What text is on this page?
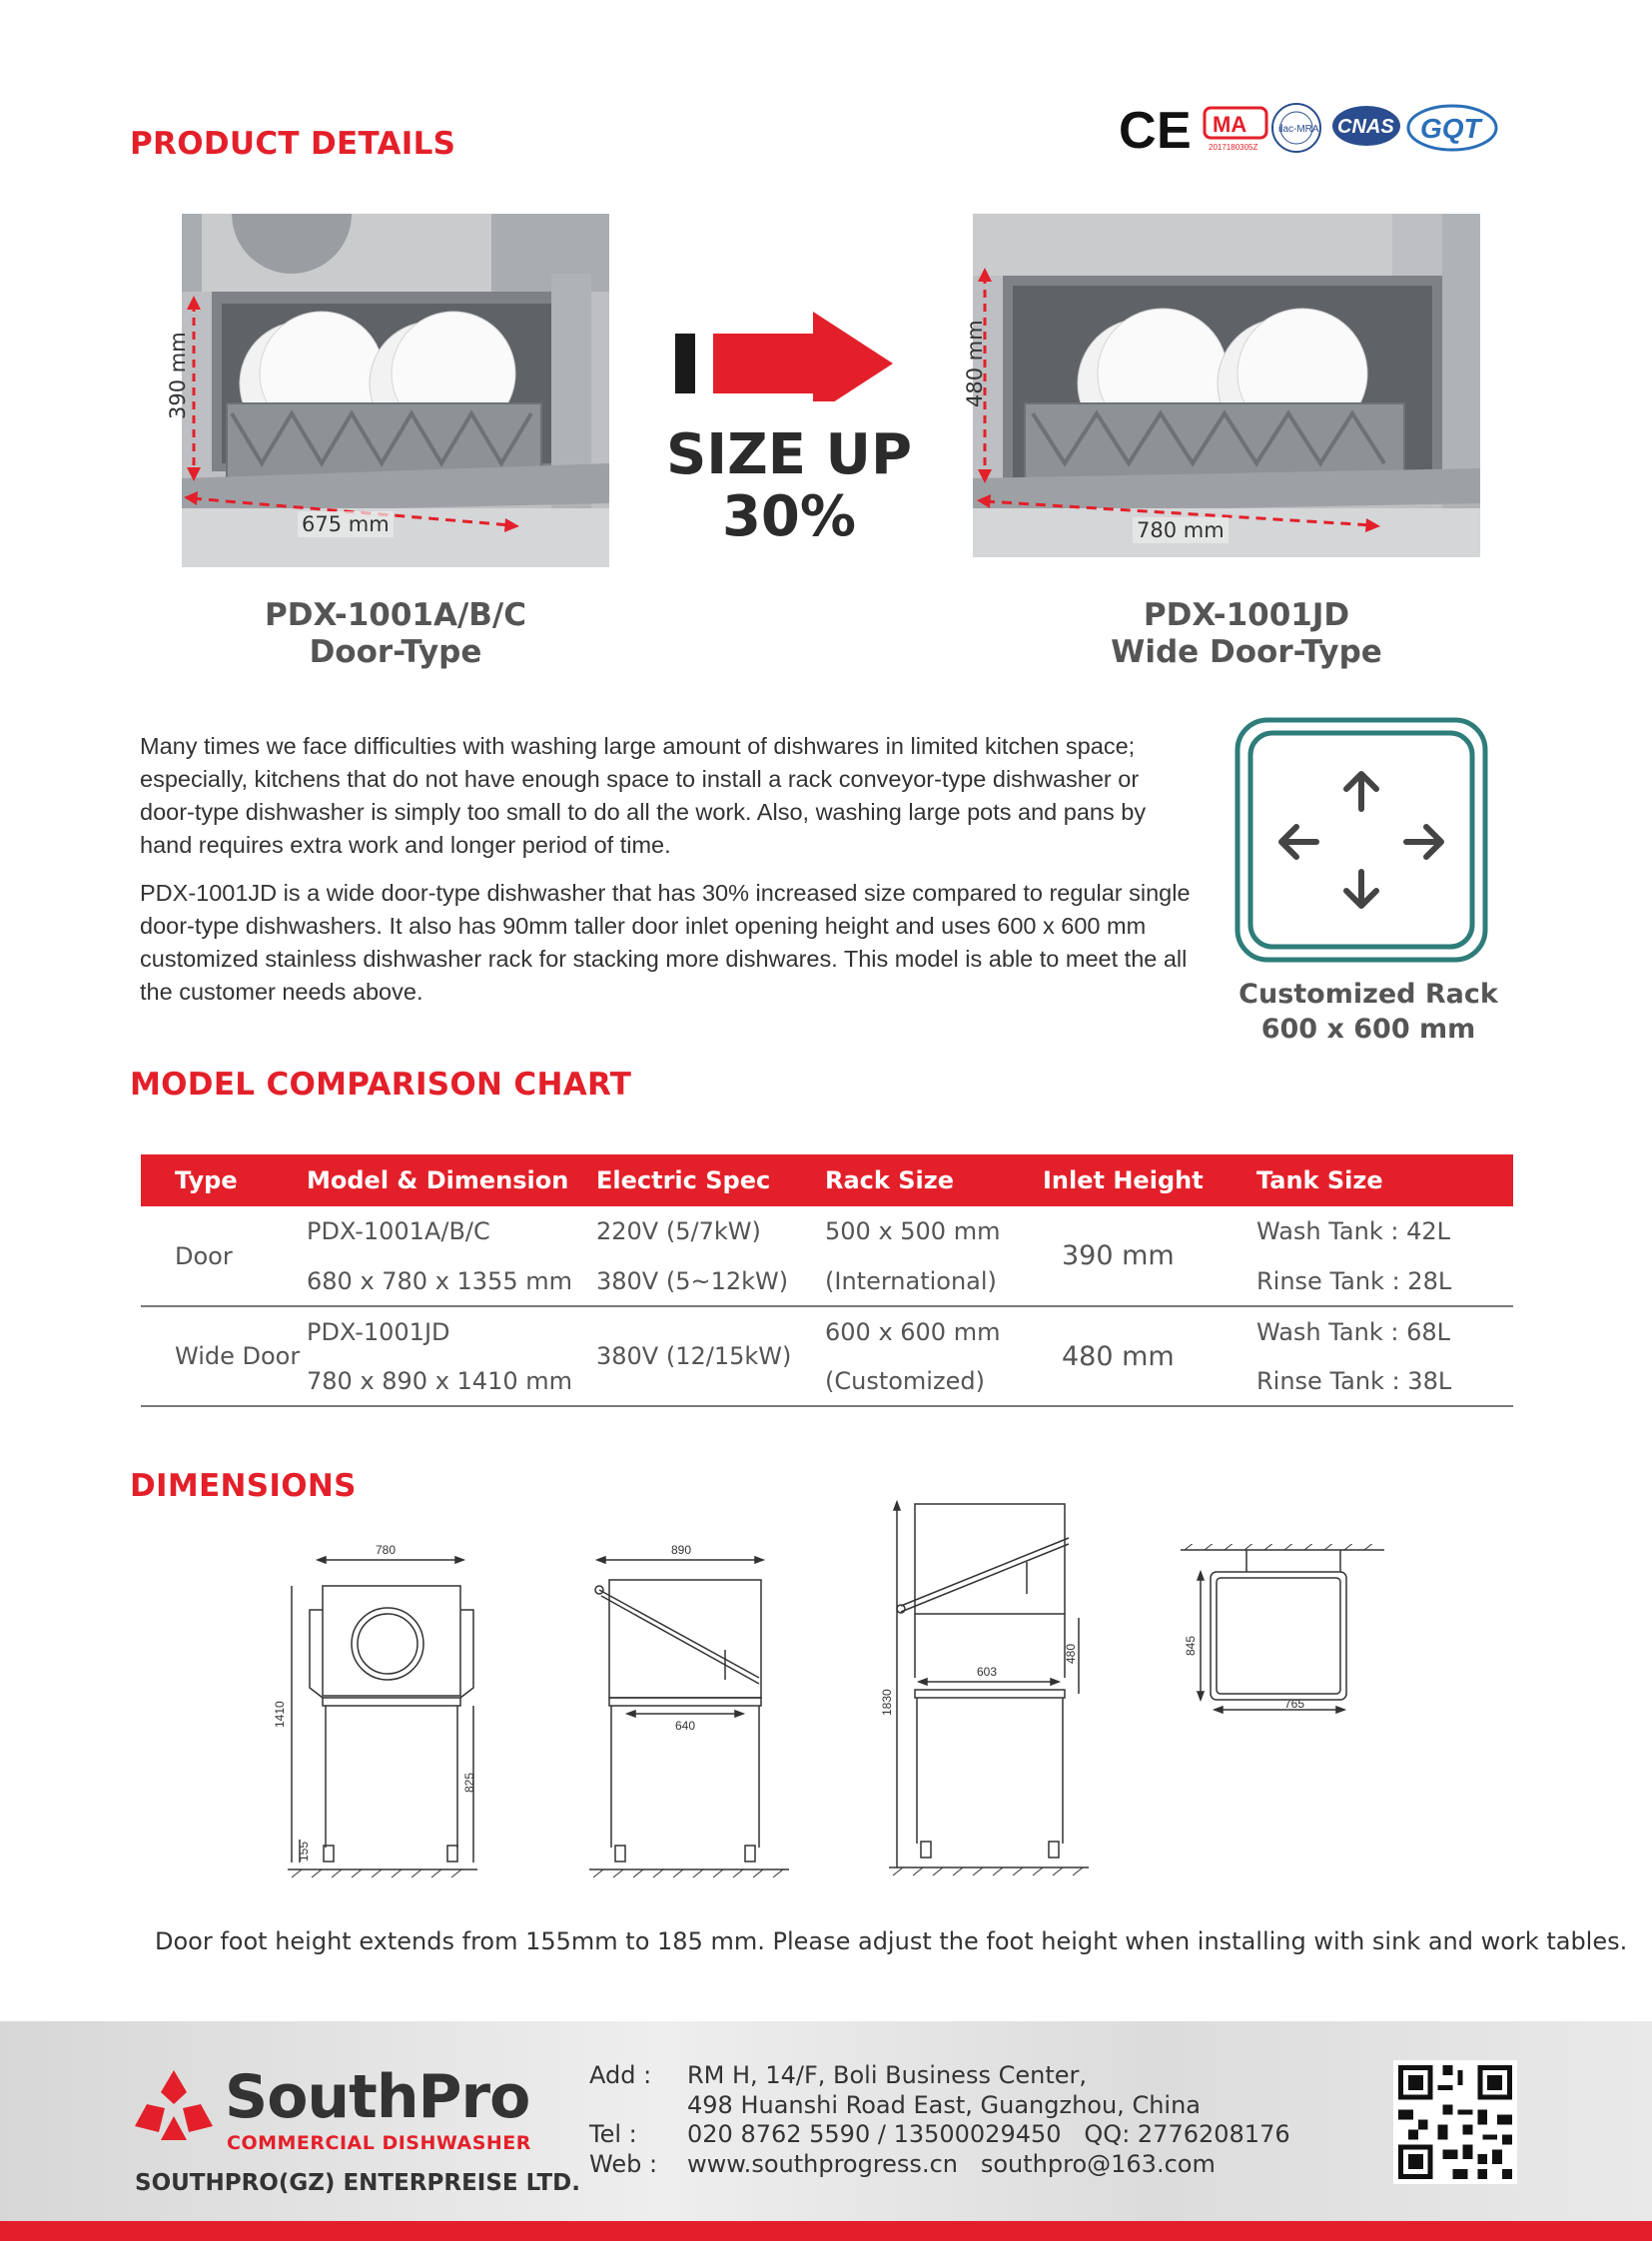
PRODUCT DETAILS	C E MA
2017180305Z
ilac-MRA CNAS GQT
390 mm
675 mm
SIZE UP
30%
480 mm
780 mm
PDX-1001A/B/C
Door-Type
PDX-1001JD
Wide Door-Type

Many times we face difficulties with washing large amount of dishwares in limited kitchen space; especially, kitchens that do not have enough space to install a rack conveyor-type dishwasher or door-type dishwasher is simply too small to do all the work. Also, washing large pots and pans by hand requires extra work and longer period of time.

PDX-1001JD is a wide door-type dishwasher that has 30% increased size compared to regular single door-type dishwashers. It also has 90mm taller door inlet opening height and uses 600 x 600 mm customized stainless dishwasher rack for stacking more dishwares. This model is able to meet the all the customer needs above.	Customized Rack
600 x 600 mm
MODEL COMPARISON CHART
Type	Model & Dimension	Electric Spec	Rack Size	Inlet Height	Tank Size
Door	PDX-1001A/B/C	220V (5/7kW)	500 x 500 mm	390 mm	Wash Tank : 42L
	680 x 780 x 1355 mm	380V (5~12kW)	(International)		Rinse Tank : 28L
Wide Door	PDX-1001JD	380V (12/15kW)	600 x 600 mm	480 mm	Wash Tank : 68L
	780 x 890 x 1410 mm		(Customized)		Rinse Tank : 38L
DIMENSIONS
780
1410
825
155
890
640
1830
603
480	845
765
Door foot height extends from 155mm to 185 mm. Please adjust the foot height when installing with sink and work tables.
SouthPro
COMMERCIAL DISHWASHER
SOUTHPRO(GZ) ENTERPREISE LTD.
Add :	RM H, 14/F, Boli Business Center,
498 Huanshi Road East, Guangzhou, China
Tel :	020 8762 5590 / 13500029450   QQ: 2776208176
Web :	www.southprogress.cn   southpro@163.com
